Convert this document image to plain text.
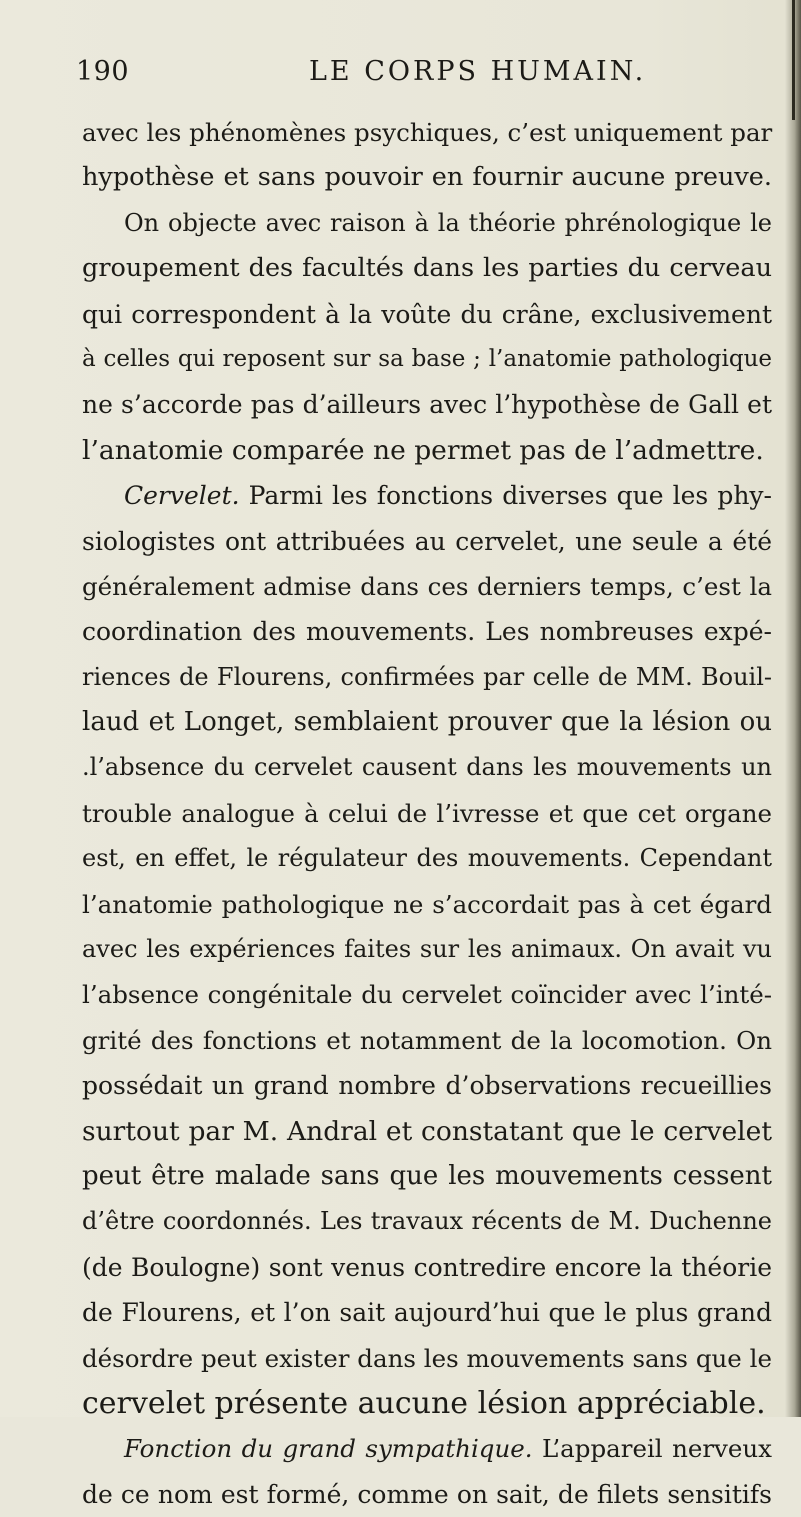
190	LE CORPS HUMAIN.
avec les phénomènes psychiques, c’est uniquement par
hypothèse et sans pouvoir en fournir aucune preuve.
On objecte avec raison à la théorie phrénologique le
groupement des facultés dans les parties du cerveau
qui correspondent à la voûte du crâne, exclusivement
à celles qui reposent sur sa base ; l’anatomie pathologique
ne s’accorde pas d’ailleurs avec l’hypothèse de Gall et
l’anatomie comparée ne permet pas de l’admettre.
Cervelet. Parmi les fonctions diverses que les phy-
siologistes ont attribuées au cervelet, une seule a été
généralement admise dans ces derniers temps, c’est la
coordination des mouvements. Les nombreuses expé-
riences de Flourens, confirmées par celle de MM. Bouil-
laud et Longet, semblaient prouver que la lésion ou
.l’absence du cervelet causent dans les mouvements un
trouble analogue à celui de l’ivresse et que cet organe
est, en effet, le régulateur des mouvements. Cependant
l’anatomie pathologique ne s’accordait pas à cet égard
avec les expériences faites sur les animaux. On avait vu
l’absence congénitale du cervelet coïncider avec l’inté-
grité des fonctions et notamment de la locomotion. On
possédait un grand nombre d’observations recueillies
surtout par M. Andral et constatant que le cervelet
peut être malade sans que les mouvements cessent
d’être coordonnés. Les travaux récents de M. Duchenne
(de Boulogne) sont venus contredire encore la théorie
de Flourens, et l’on sait aujourd’hui que le plus grand
désordre peut exister dans les mouvements sans que le
cervelet présente aucune lésion appréciable.
Fonction du grand sympathique. L’appareil nerveux
de ce nom est formé, comme on sait, de filets sensitifs
